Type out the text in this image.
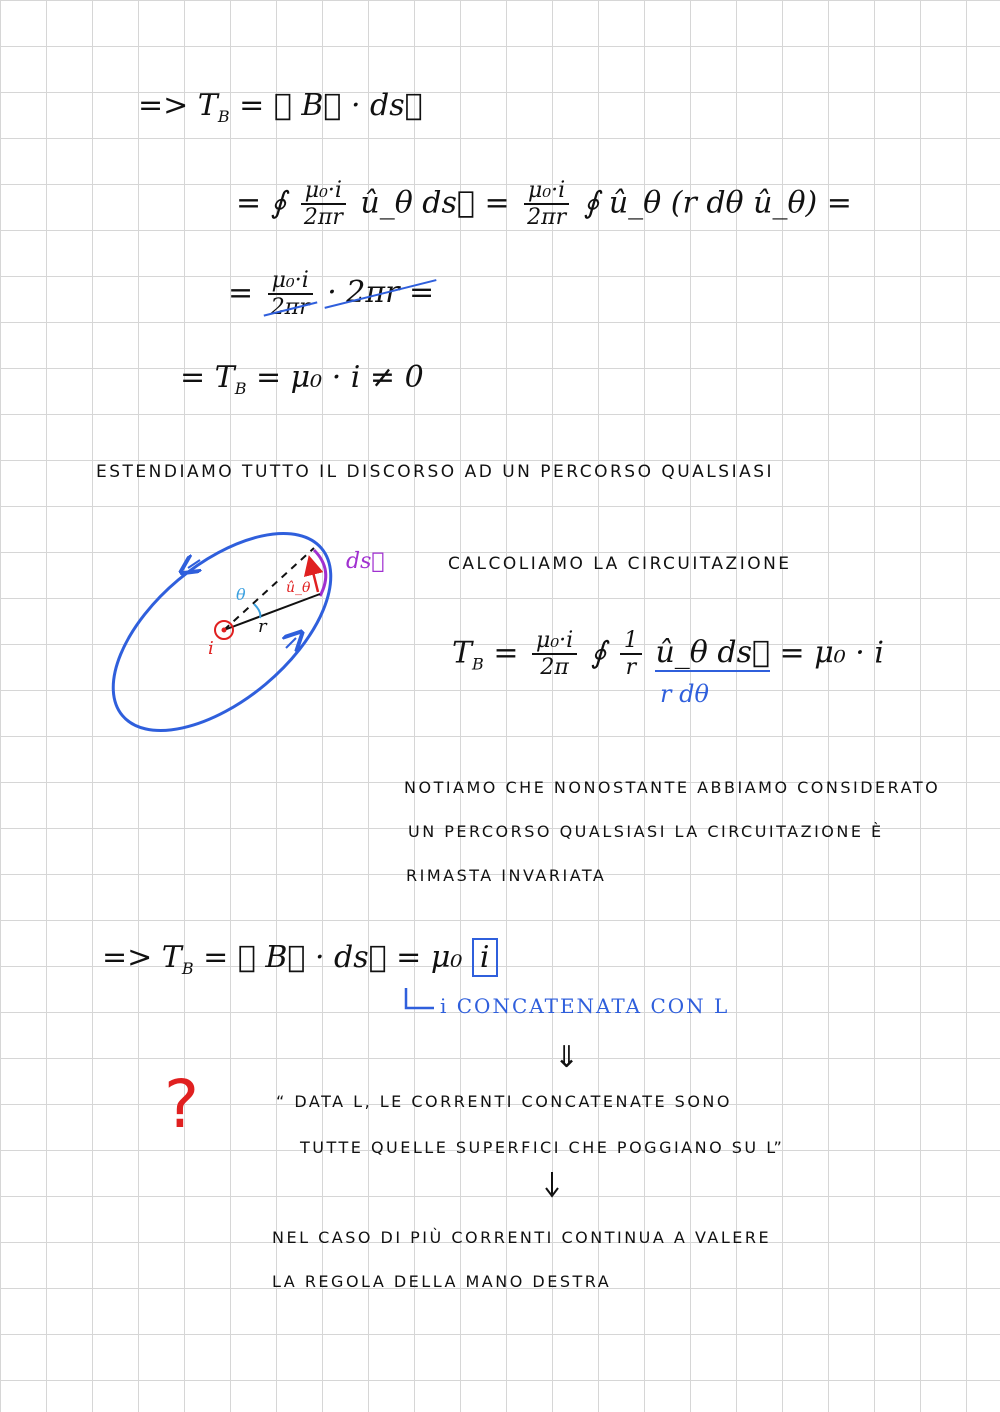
=> $T_B$ = ∮ B⃗ · ds⃗
= ∮ $\frac{\text{μ₀·i}}{2\pi r}$ û_θ ds⃗ = $\frac{\text{μ₀·i}}{2\pi r}$ ∮ û_θ (r dθ û_θ) =
= $\frac{\text{μ₀·i}}{2\pi r} \cdot 2\pi r$ =
= $T_B = \mu_0 \cdot i \ne 0$
ESTENDIAMO TUTTO IL DISCORSO AD UN PERCORSO QUALSIASI
ds⃗
θ	û_θ
r
i
CALCOLIAMO LA CIRCUITAZIONE
$T_B = \frac{\text{μ₀·i}}{2\pi}$ ∮ $\frac{1}{r}$ û_θ ds⃗ = μ₀ · i
r dθ
NOTIAMO CHE NONOSTANTE ABBIAMO CONSIDERATO
UN PERCORSO QUALSIASI LA CIRCUITAZIONE È
RIMASTA INVARIATA
=> $T_B$ = ∮ B⃗ · ds⃗ = μ₀ i
i CONCATENATA CON L
⇓
?	“ DATA L, LE CORRENTI CONCATENATE SONO
TUTTE QUELLE SUPERFICI CHE POGGIANO SU L”
NEL CASO DI PIÙ CORRENTI CONTINUA A VALERE
LA REGOLA DELLA MANO DESTRA
